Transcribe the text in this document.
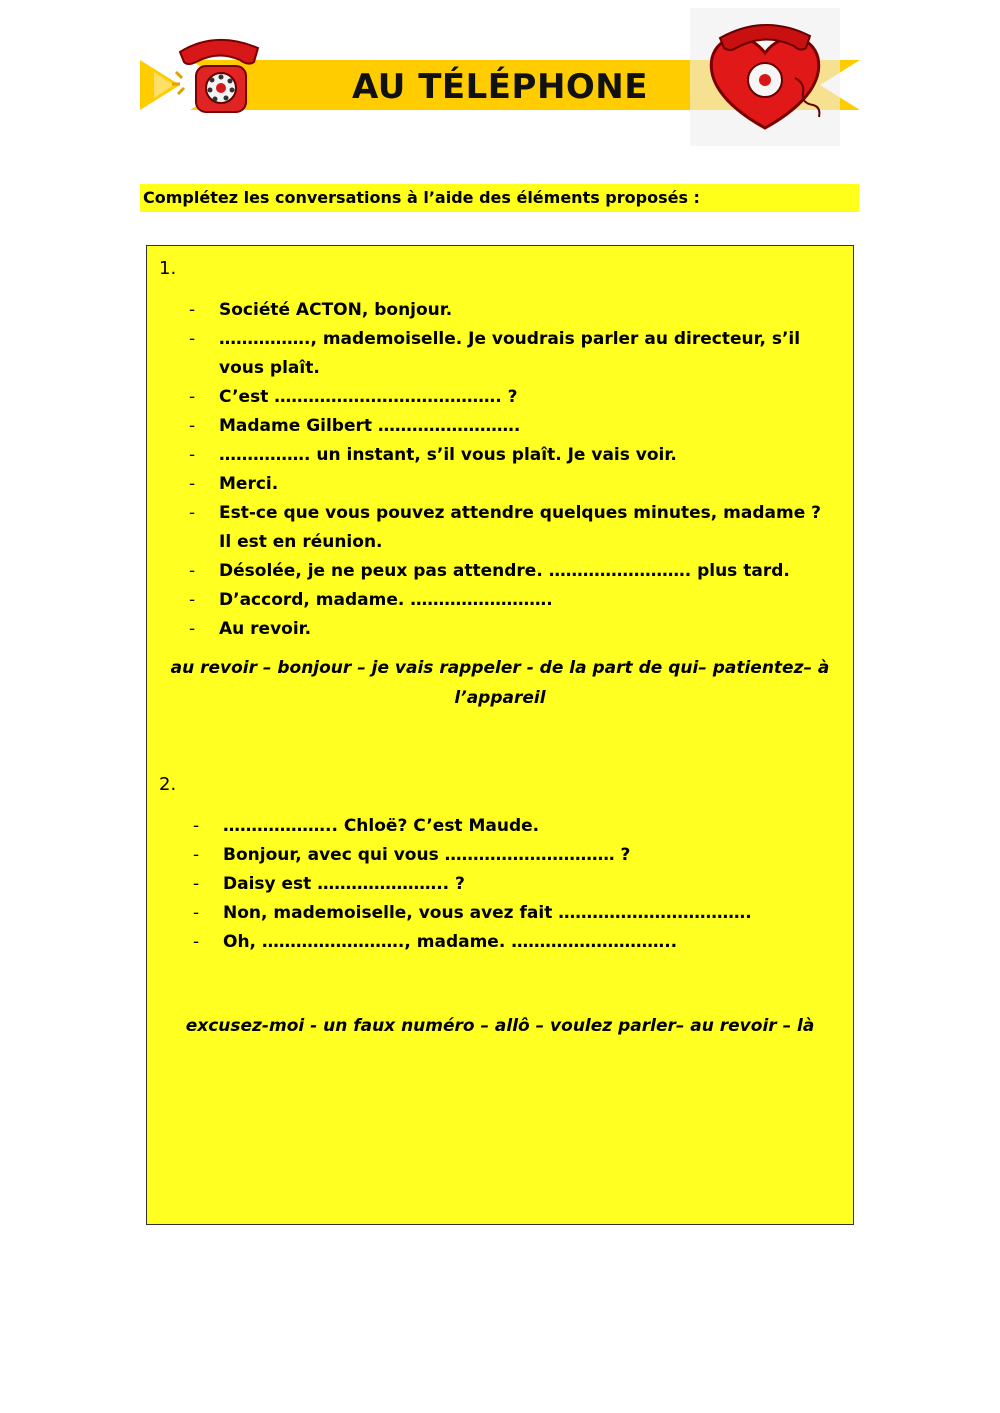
AU TÉLÉPHONE
Complétez les conversations à l’aide des éléments proposés :
1.
- Société ACTON, bonjour.
- ……………., mademoiselle. Je voudrais parler au directeur, s’il vous plaît.
- C’est …………………………………. ?
- Madame Gilbert …………………….
- ……………. un instant, s’il vous plaît. Je vais voir.
- Merci.
- Est-ce que vous pouvez attendre quelques minutes, madame ? Il est en réunion.
- Désolée, je ne peux pas attendre. ……………………. plus tard.
- D’accord, madame. …………………….
- Au revoir.
au revoir – bonjour – je vais rappeler - de la part de qui– patientez– à l’appareil
2.
- ……………….. Chloë? C’est Maude.
- Bonjour, avec qui vous ………………………… ?
- Daisy est ………………….. ?
- Non, mademoiselle, vous avez fait …………………………….
- Oh, ……………………., madame. ………………………..
excusez-moi - un faux numéro – allô – voulez parler– au revoir – là
